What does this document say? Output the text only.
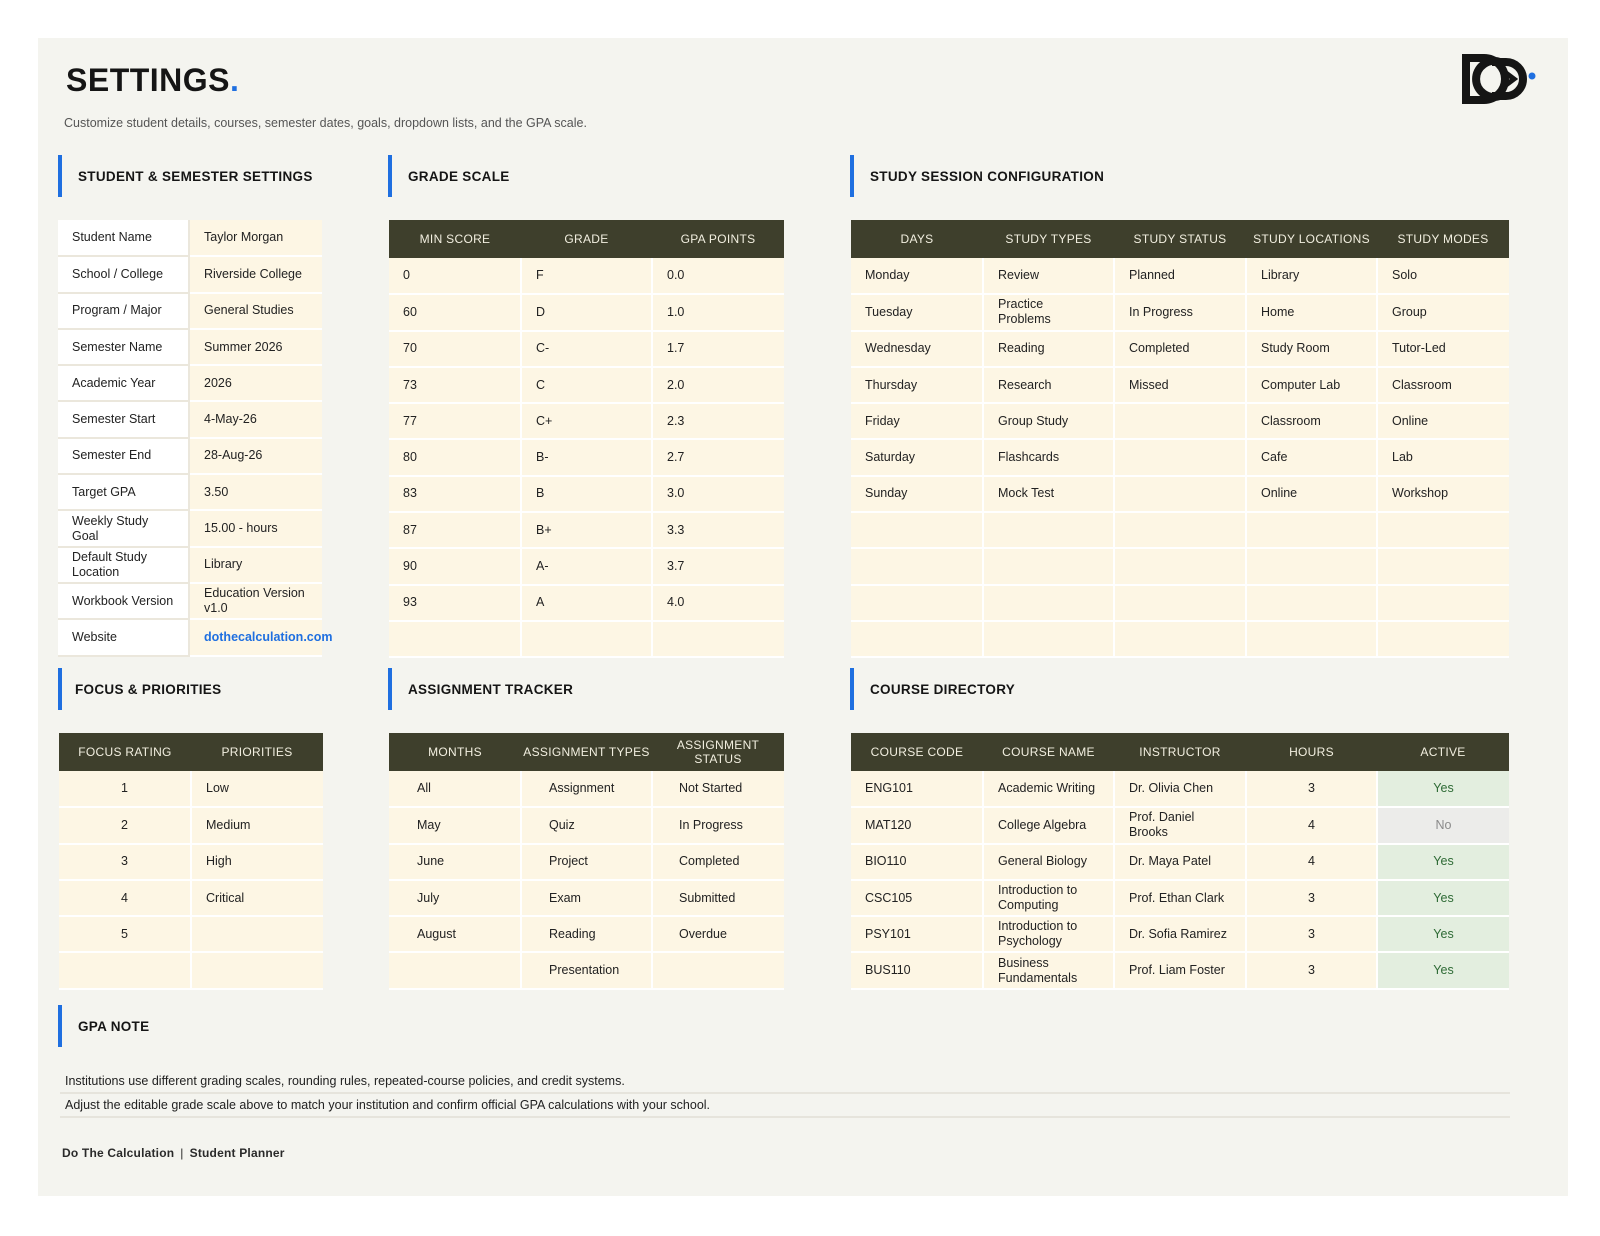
SETTINGS.
Customize student details, courses, semester dates, goals, dropdown lists, and the GPA scale.
STUDENT & SEMESTER SETTINGS
Student Name	Taylor Morgan
School / College	Riverside College
Program / Major	General Studies
Semester Name	Summer 2026
Academic Year	2026
Semester Start	4-May-26
Semester End	28-Aug-26
Target GPA	3.50
Weekly Study Goal	15.00 - hours
Default Study Location	Library
Workbook Version	Education Version v1.0
Website	dothecalculation.com
GRADE SCALE
MIN SCORE	GRADE	GPA POINTS
0	F	0.0
60	D	1.0
70	C-	1.7
73	C	2.0
77	C+	2.3
80	B-	2.7
83	B	3.0
87	B+	3.3
90	A-	3.7
93	A	4.0

STUDY SESSION CONFIGURATION
DAYS	STUDY TYPES	STUDY STATUS	STUDY LOCATIONS	STUDY MODES
Monday	Review	Planned	Library	Solo
Tuesday	Practice Problems	In Progress	Home	Group
Wednesday	Reading	Completed	Study Room	Tutor-Led
Thursday	Research	Missed	Computer Lab	Classroom
Friday	Group Study		Classroom	Online
Saturday	Flashcards		Cafe	Lab
Sunday	Mock Test		Online	Workshop

FOCUS & PRIORITIES
FOCUS RATING	PRIORITIES
1	Low
2	Medium
3	High
4	Critical
5	

ASSIGNMENT TRACKER
MONTHS	ASSIGNMENT TYPES	ASSIGNMENT STATUS
All	Assignment	Not Started
May	Quiz	In Progress
June	Project	Completed
July	Exam	Submitted
August	Reading	Overdue
	Presentation	
COURSE DIRECTORY
COURSE CODE	COURSE NAME	INSTRUCTOR	HOURS	ACTIVE
ENG101	Academic Writing	Dr. Olivia Chen	3	Yes
MAT120	College Algebra	Prof. Daniel Brooks	4	No
BIO110	General Biology	Dr. Maya Patel	4	Yes
CSC105	Introduction to Computing	Prof. Ethan Clark	3	Yes
PSY101	Introduction to Psychology	Dr. Sofia Ramirez	3	Yes
BUS110	Business Fundamentals	Prof. Liam Foster	3	Yes
GPA NOTE
Institutions use different grading scales, rounding rules, repeated-course policies, and credit systems.
Adjust the editable grade scale above to match your institution and confirm official GPA calculations with your school.
Do The Calculation | Student Planner
